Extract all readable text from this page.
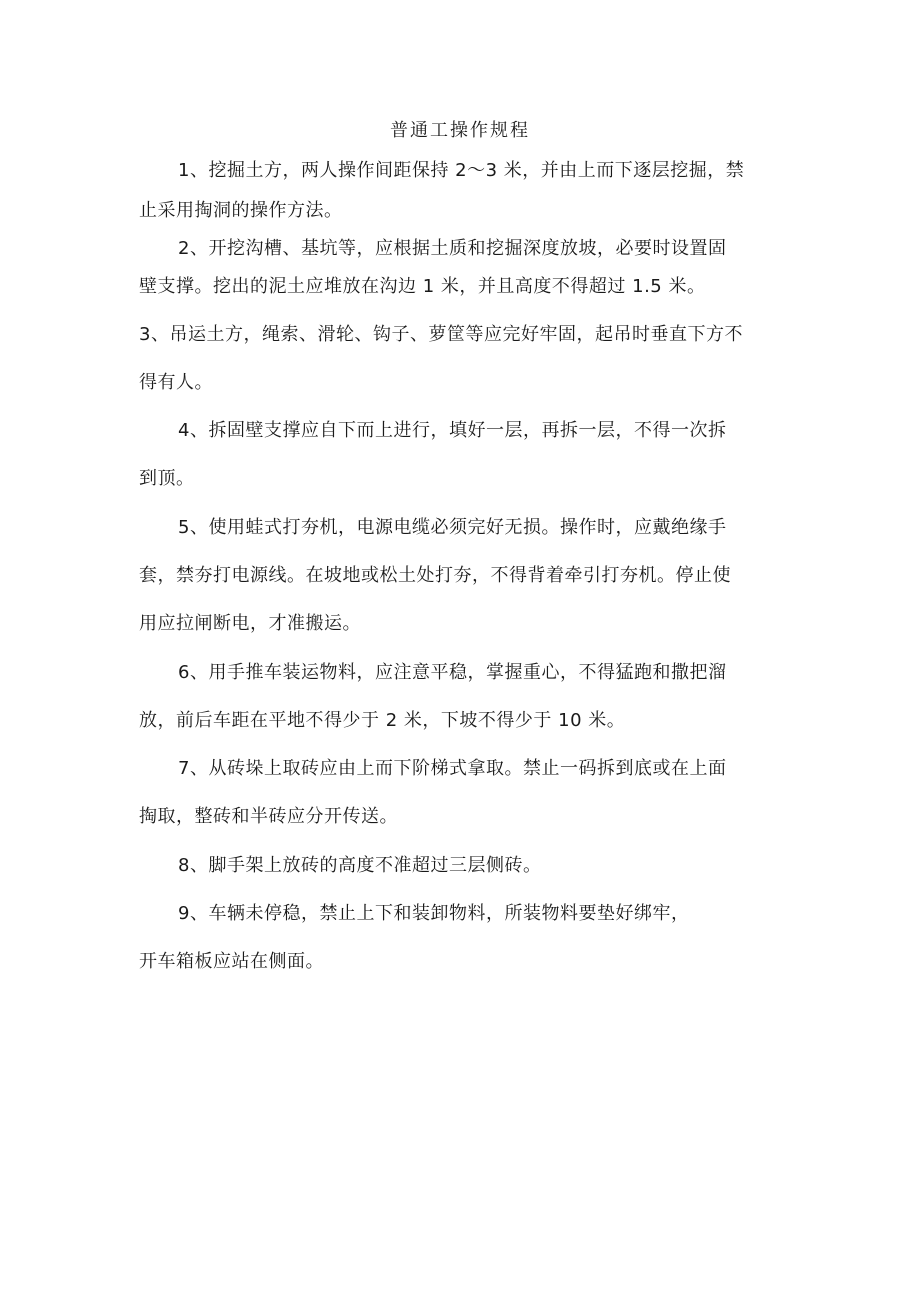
普通工操作规程
1、挖掘土方，两人操作间距保持 2～3 米，并由上而下逐层挖掘，禁
止采用掏洞的操作方法。
2、开挖沟槽、基坑等，应根据土质和挖掘深度放坡，必要时设置固
壁支撑。挖出的泥土应堆放在沟边 1 米，并且高度不得超过 1.5 米。
3、吊运土方，绳索、滑轮、钩子、萝筐等应完好牢固，起吊时垂直下方不
得有人。
4、拆固壁支撑应自下而上进行，填好一层，再拆一层，不得一次拆
到顶。
5、使用蛙式打夯机，电源电缆必须完好无损。操作时，应戴绝缘手
套，禁夯打电源线。在坡地或松土处打夯，不得背着牵引打夯机。停止使
用应拉闸断电，才准搬运。
6、用手推车装运物料，应注意平稳，掌握重心，不得猛跑和撒把溜
放，前后车距在平地不得少于 2 米，下坡不得少于 10 米。
7、从砖垛上取砖应由上而下阶梯式拿取。禁止一码拆到底或在上面
掏取，整砖和半砖应分开传送。
8、脚手架上放砖的高度不准超过三层侧砖。
9、车辆未停稳，禁止上下和装卸物料，所装物料要垫好绑牢，
开车箱板应站在侧面。
